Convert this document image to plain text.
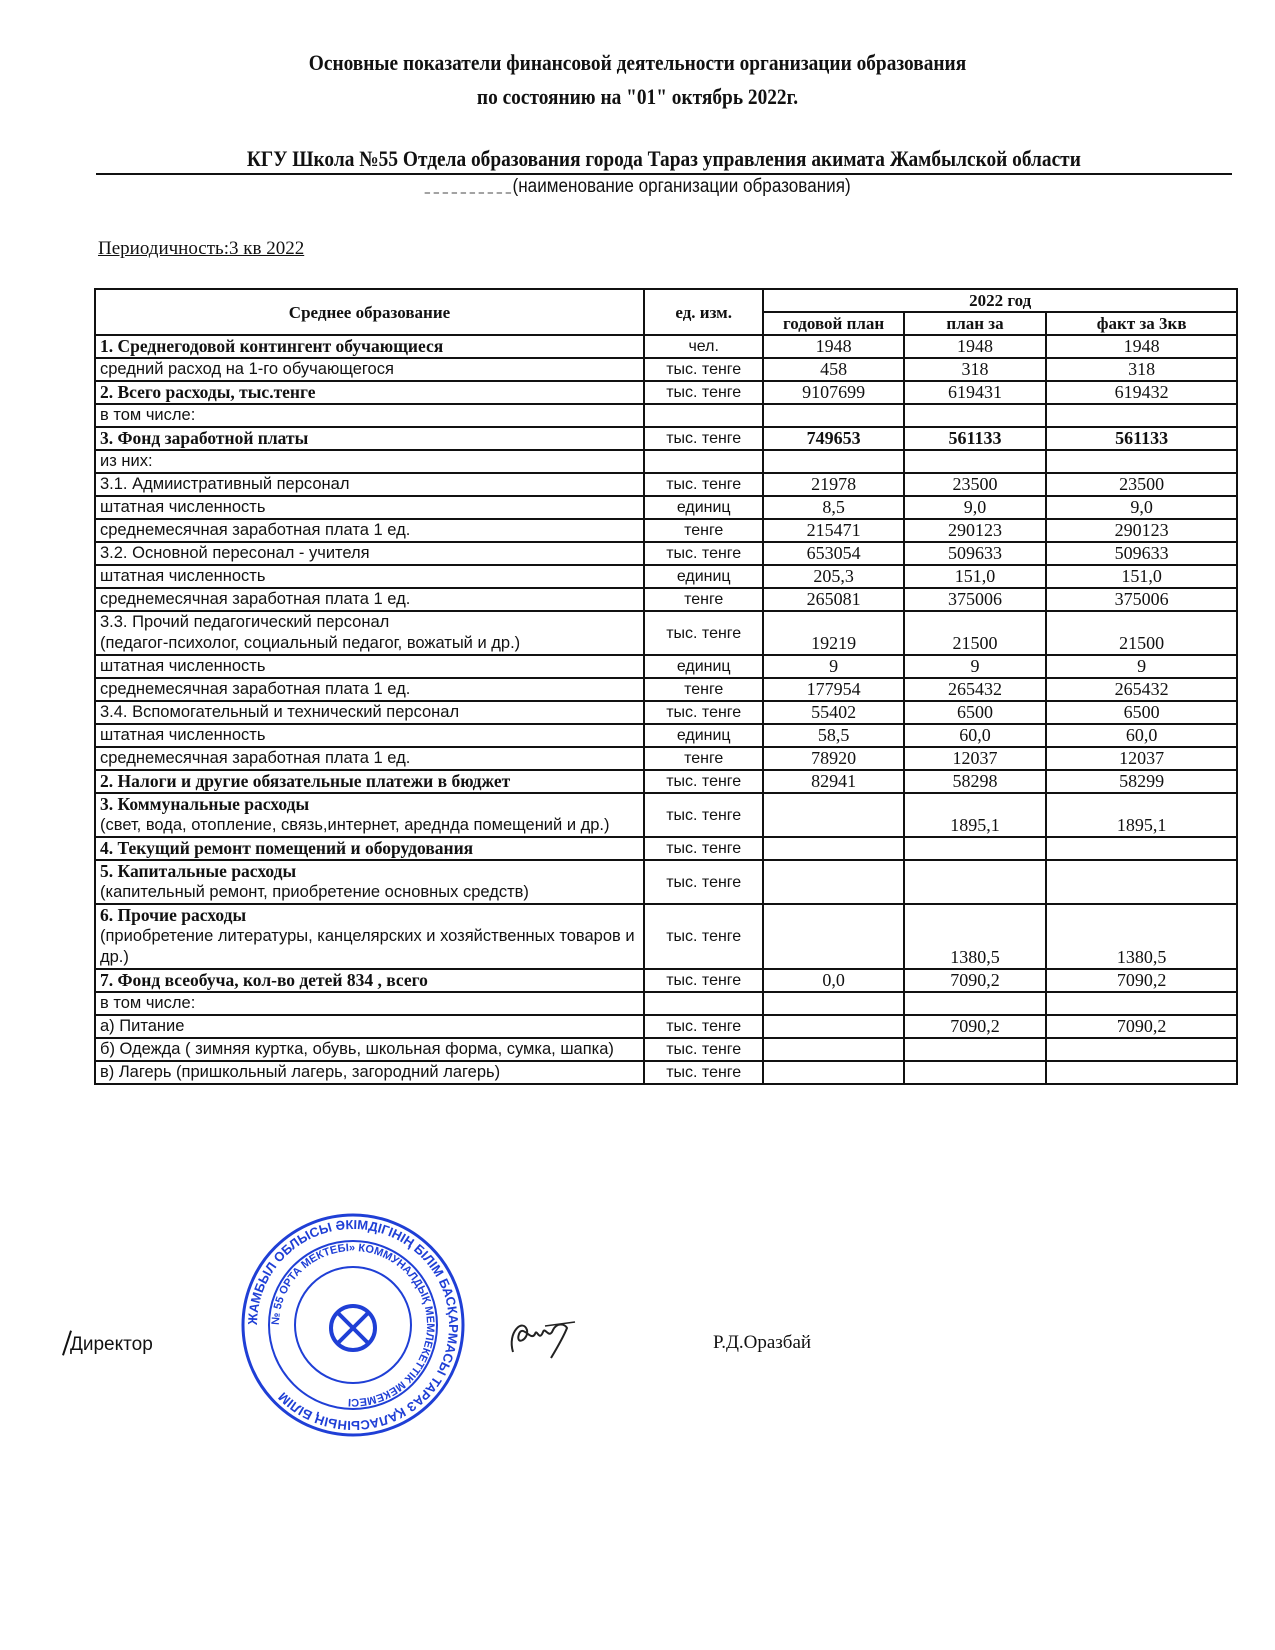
Основные показатели финансовой деятельности организации образования
по состоянию на "01" октябрь 2022г.
КГУ Школа №55 Отдела образования города Тараз управления акимата Жамбылской области
(наименование организации образования)
Периодичность:3 кв 2022
Среднее образование	ед. изм.	2022 год		
		годовой план	план за	факт за 3кв
1. Среднегодовой контингент обучающиеся	чел.	1948	1948	1948
средний расход на 1-го обучающегося	тыс. тенге	458	318	318
2. Всего расходы, тыс.тенге	тыс. тенге	9107699	619431	619432
в том числе:				
3. Фонд заработной платы	тыс. тенге	749653	561133	561133
из них:				
3.1. Адмиистративный персонал	тыс. тенге	21978	23500	23500
штатная численность	единиц	8,5	9,0	9,0
среднемесячная заработная плата 1 ед.	тенге	215471	290123	290123
3.2. Основной пересонал - учителя	тыс. тенге	653054	509633	509633
штатная численность	единиц	205,3	151,0	151,0
среднемесячная заработная плата 1 ед.	тенге	265081	375006	375006
3.3. Прочий педагогический персонал
(педагог-психолог, социальный педагог, вожатый и др.)	тыс. тенге	19219	21500	21500
штатная численность	единиц	9	9	9
среднемесячная заработная плата 1 ед.	тенге	177954	265432	265432
3.4. Вспомогательный и технический персонал	тыс. тенге	55402	6500	6500
штатная численность	единиц	58,5	60,0	60,0
среднемесячная заработная плата 1 ед.	тенге	78920	12037	12037
2. Налоги и другие обязательные платежи в бюджет	тыс. тенге	82941	58298	58299
3. Коммунальные расходы
(свет, вода, отопление, связь,интернет, ареднда помещений и др.)	тыс. тенге		1895,1	1895,1
4. Текущий ремонт помещений и оборудования	тыс. тенге			
5. Капитальные расходы
(капительный ремонт, приобретение основных средств)	тыс. тенге			
6. Прочие расходы
(приобретение литературы, канцелярских и хозяйственных товаров и др.)	тыс. тенге		1380,5	1380,5
7. Фонд всеобуча, кол-во детей 834 , всего	тыс. тенге	0,0	7090,2	7090,2
в том числе:				
а) Питание	тыс. тенге		7090,2	7090,2
б) Одежда ( зимняя куртка, обувь, школьная форма, сумка, шапка)	тыс. тенге			
в) Лагерь (пришкольный лагерь, загородний лагерь)	тыс. тенге			
Директор
ЖАМБЫЛ ОБЛЫСЫ ӘКІМДІГІНІҢ БІЛІМ БАСҚАРМАСЫ ТАРАЗ ҚАЛАСЫНЫҢ БІЛІМ
№ 55 ОРТА МЕКТЕБІ» КОММУНАЛДЫҚ МЕМЛЕКЕТТІК МЕКЕМЕСІ
Р.Д.Оразбай
